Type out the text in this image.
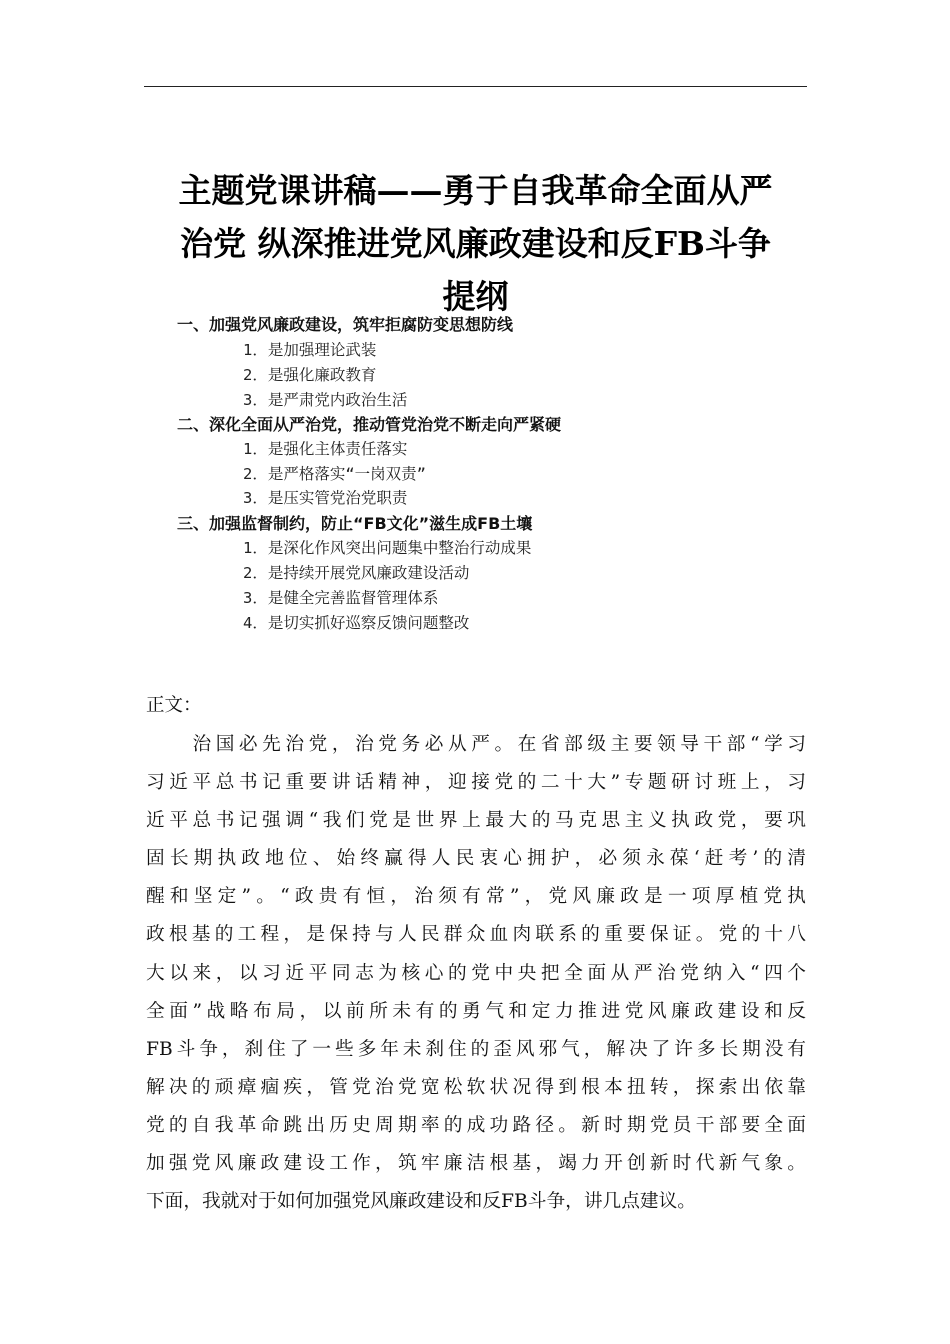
主题党课讲稿——勇于自我革命全面从严
治党 纵深推进党风廉政建设和反FB斗争
提纲
一、加强党风廉政建设，筑牢拒腐防变思想防线
1．是加强理论武装
2．是强化廉政教育
3．是严肃党内政治生活
二、深化全面从严治党，推动管党治党不断走向严紧硬
1．是强化主体责任落实
2．是严格落实“一岗双责”
3．是压实管党治党职责
三、加强监督制约，防止“FB文化”滋生成FB土壤
1．是深化作风突出问题集中整治行动成果
2．是持续开展党风廉政建设活动
3．是健全完善监督管理体系
4．是切实抓好巡察反馈问题整改
正文：
　　治国必先治党，治党务必从严。在省部级主要领导干部“学习
习近平总书记重要讲话精神，迎接党的二十大”专题研讨班上，习
近平总书记强调“我们党是世界上最大的马克思主义执政党，要巩
固长期执政地位、始终赢得人民衷心拥护，必须永葆‘赶考’的清
醒和坚定”。“政贵有恒，治须有常”，党风廉政是一项厚植党执
政根基的工程，是保持与人民群众血肉联系的重要保证。党的十八
大以来，以习近平同志为核心的党中央把全面从严治党纳入“四个
全面”战略布局，以前所未有的勇气和定力推进党风廉政建设和反
FB斗争，刹住了一些多年未刹住的歪风邪气，解决了许多长期没有
解决的顽瘴痼疾，管党治党宽松软状况得到根本扭转，探索出依靠
党的自我革命跳出历史周期率的成功路径。新时期党员干部要全面
加强党风廉政建设工作，筑牢廉洁根基，竭力开创新时代新气象。
下面，我就对于如何加强党风廉政建设和反FB斗争，讲几点建议。
